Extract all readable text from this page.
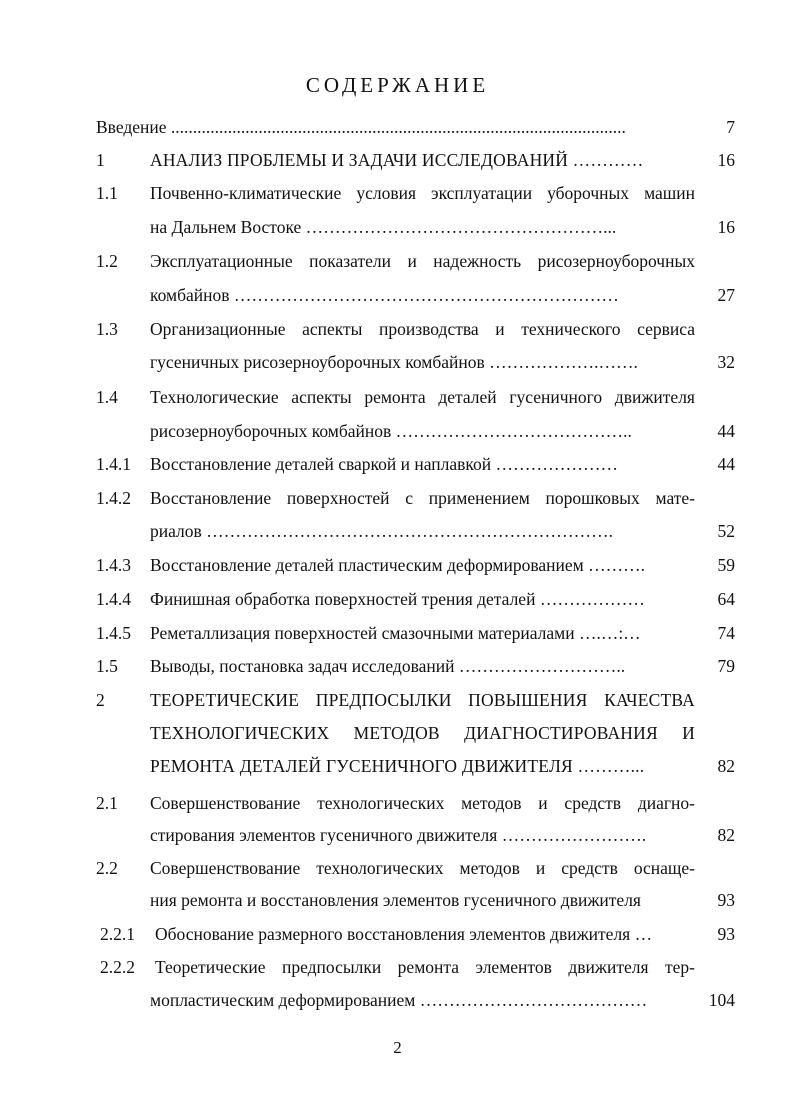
СОДЕРЖАНИЕ
Введение ........................................................................................................	7
1	АНАЛИЗ ПРОБЛЕМЫ И ЗАДАЧИ ИССЛЕДОВАНИЙ …………	16
1.1 Почвенно-климатические условия эксплуатации уборочных машин
на Дальнем Востоке ……………………………………………...	16
1.2 Эксплуатационные показатели и надежность рисозерноуборочных
комбайнов …………………………………………………………	27
1.3 Организационные аспекты производства и технического сервиса
гусеничных рисозерноуборочных комбайнов ……………….…….	32
1.4 Технологические аспекты ремонта деталей гусеничного движителя
рисозерноуборочных комбайнов …………………………………..	44
1.4.1 Восстановление деталей сваркой и наплавкой …………………	44
1.4.2 Восстановление поверхностей с применением порошковых мате-
риалов …………………………………………………………….	52
1.4.3 Восстановление деталей пластическим деформированием ……….	59
1.4.4 Финишная обработка поверхностей трения деталей ………………	64
1.4.5 Реметаллизация поверхностей смазочными материалами ….…:…	74
1.5 Выводы, постановка задач исследований ………………………..	79
2	ТЕОРЕТИЧЕСКИЕ ПРЕДПОСЫЛКИ ПОВЫШЕНИЯ КАЧЕСТВА
ТЕХНОЛОГИЧЕСКИХ МЕТОДОВ ДИАГНОСТИРОВАНИЯ И
РЕМОНТА ДЕТАЛЕЙ ГУСЕНИЧНОГО ДВИЖИТЕЛЯ ………...	82
2.1 Совершенствование технологических методов и средств диагно-
стирования элементов гусеничного движителя …………………….	82
2.2 Совершенствование технологических методов и средств оснаще-
ния ремонта и восстановления элементов гусеничного движителя	93
2.2.1 Обоснование размерного восстановления элементов движителя …	93
2.2.2 Теоретические предпосылки ремонта элементов движителя тер-
мопластическим деформированием …………………………………	104
2
